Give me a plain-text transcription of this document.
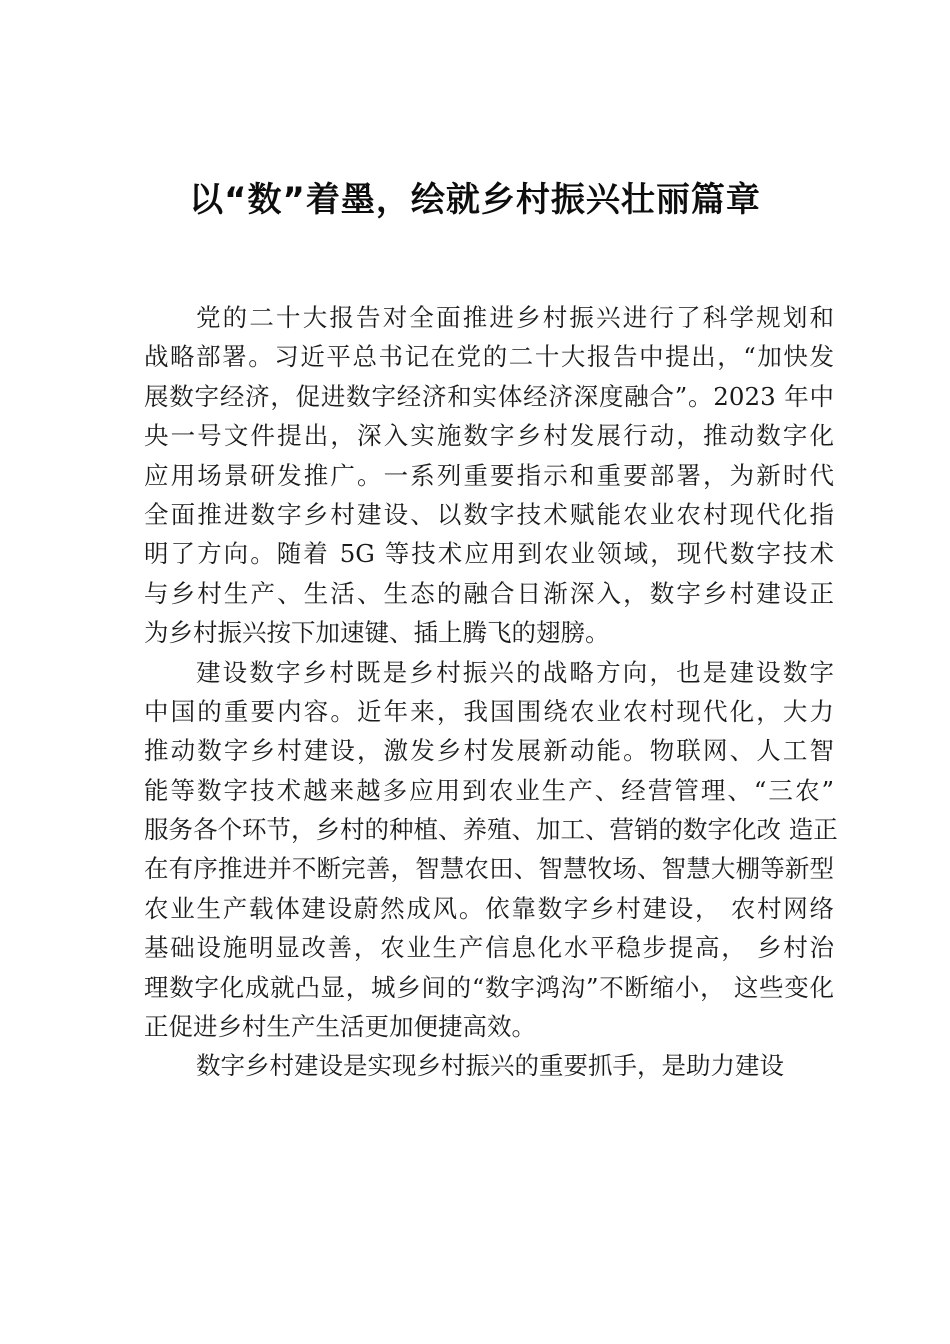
以“数”着墨，绘就乡村振兴壮丽篇章
党的二十大报告对全面推进乡村振兴进行了科学规划和
战略部署。习近平总书记在党的二十大报告中提出，“加快发
展数字经济，促进数字经济和实体经济深度融合”。2023 年中
央一号文件提出，深入实施数字乡村发展行动，推动数字化
应用场景研发推广。一系列重要指示和重要部署，为新时代
全面推进数字乡村建设、以数字技术赋能农业农村现代化指
明了方向。随着 5G 等技术应用到农业领域，现代数字技术
与乡村生产、生活、生态的融合日渐深入，数字乡村建设正
为乡村振兴按下加速键、插上腾飞的翅膀。
建设数字乡村既是乡村振兴的战略方向，也是建设数字
中国的重要内容。近年来，我国围绕农业农村现代化，大力
推动数字乡村建设，激发乡村发展新动能。物联网、人工智
能等数字技术越来越多应用到农业生产、经营管理、“三农”
服务各个环节，乡村的种植、养殖、加工、营销的数字化改 造正
在有序推进并不断完善，智慧农田、智慧牧场、智慧大棚等新型
农业生产载体建设蔚然成风。依靠数字乡村建设， 农村网络
基础设施明显改善，农业生产信息化水平稳步提高， 乡村治
理数字化成就凸显，城乡间的“数字鸿沟”不断缩小， 这些变化
正促进乡村生产生活更加便捷高效。
数字乡村建设是实现乡村振兴的重要抓手，是助力建设
